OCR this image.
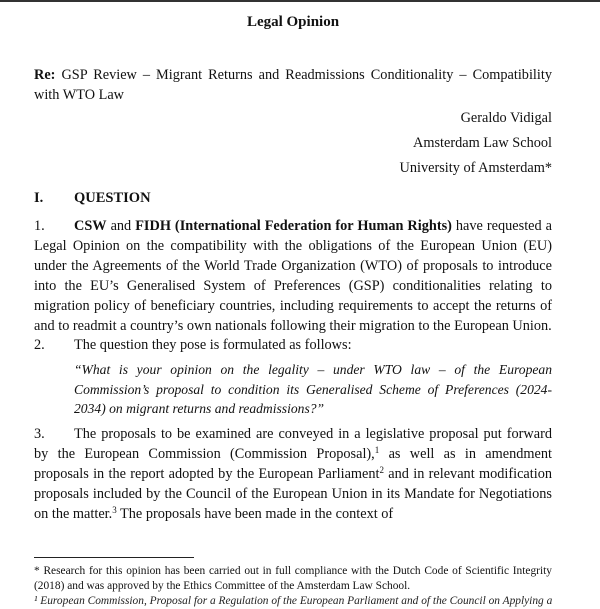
Legal Opinion
Re: GSP Review – Migrant Returns and Readmissions Conditionality – Compatibility with WTO Law
Geraldo Vidigal
Amsterdam Law School
University of Amsterdam*
I. QUESTION
1. CSW and FIDH (International Federation for Human Rights) have requested a Legal Opinion on the compatibility with the obligations of the European Union (EU) under the Agreements of the World Trade Organization (WTO) of proposals to introduce into the EU’s Generalised System of Preferences (GSP) conditionalities relating to migration policy of beneficiary countries, including requirements to accept the returns of and to readmit a country’s own nationals following their migration to the European Union.
2. The question they pose is formulated as follows:
“What is your opinion on the legality – under WTO law – of the European Commission’s proposal to condition its Generalised Scheme of Preferences (2024-2034) on migrant returns and readmissions?”
3. The proposals to be examined are conveyed in a legislative proposal put forward by the European Commission (Commission Proposal),$^1$ as well as in amendment proposals in the report adopted by the European Parliament$^2$ and in relevant modification proposals included by the Council of the European Union in its Mandate for Negotiations on the matter.$^3$ The proposals have been made in the context of
* Research for this opinion has been carried out in full compliance with the Dutch Code of Scientific Integrity (2018) and was approved by the Ethics Committee of the Amsterdam Law School.
¹ European Commission, Proposal for a Regulation of the European Parliament and of the Council on Applying a
